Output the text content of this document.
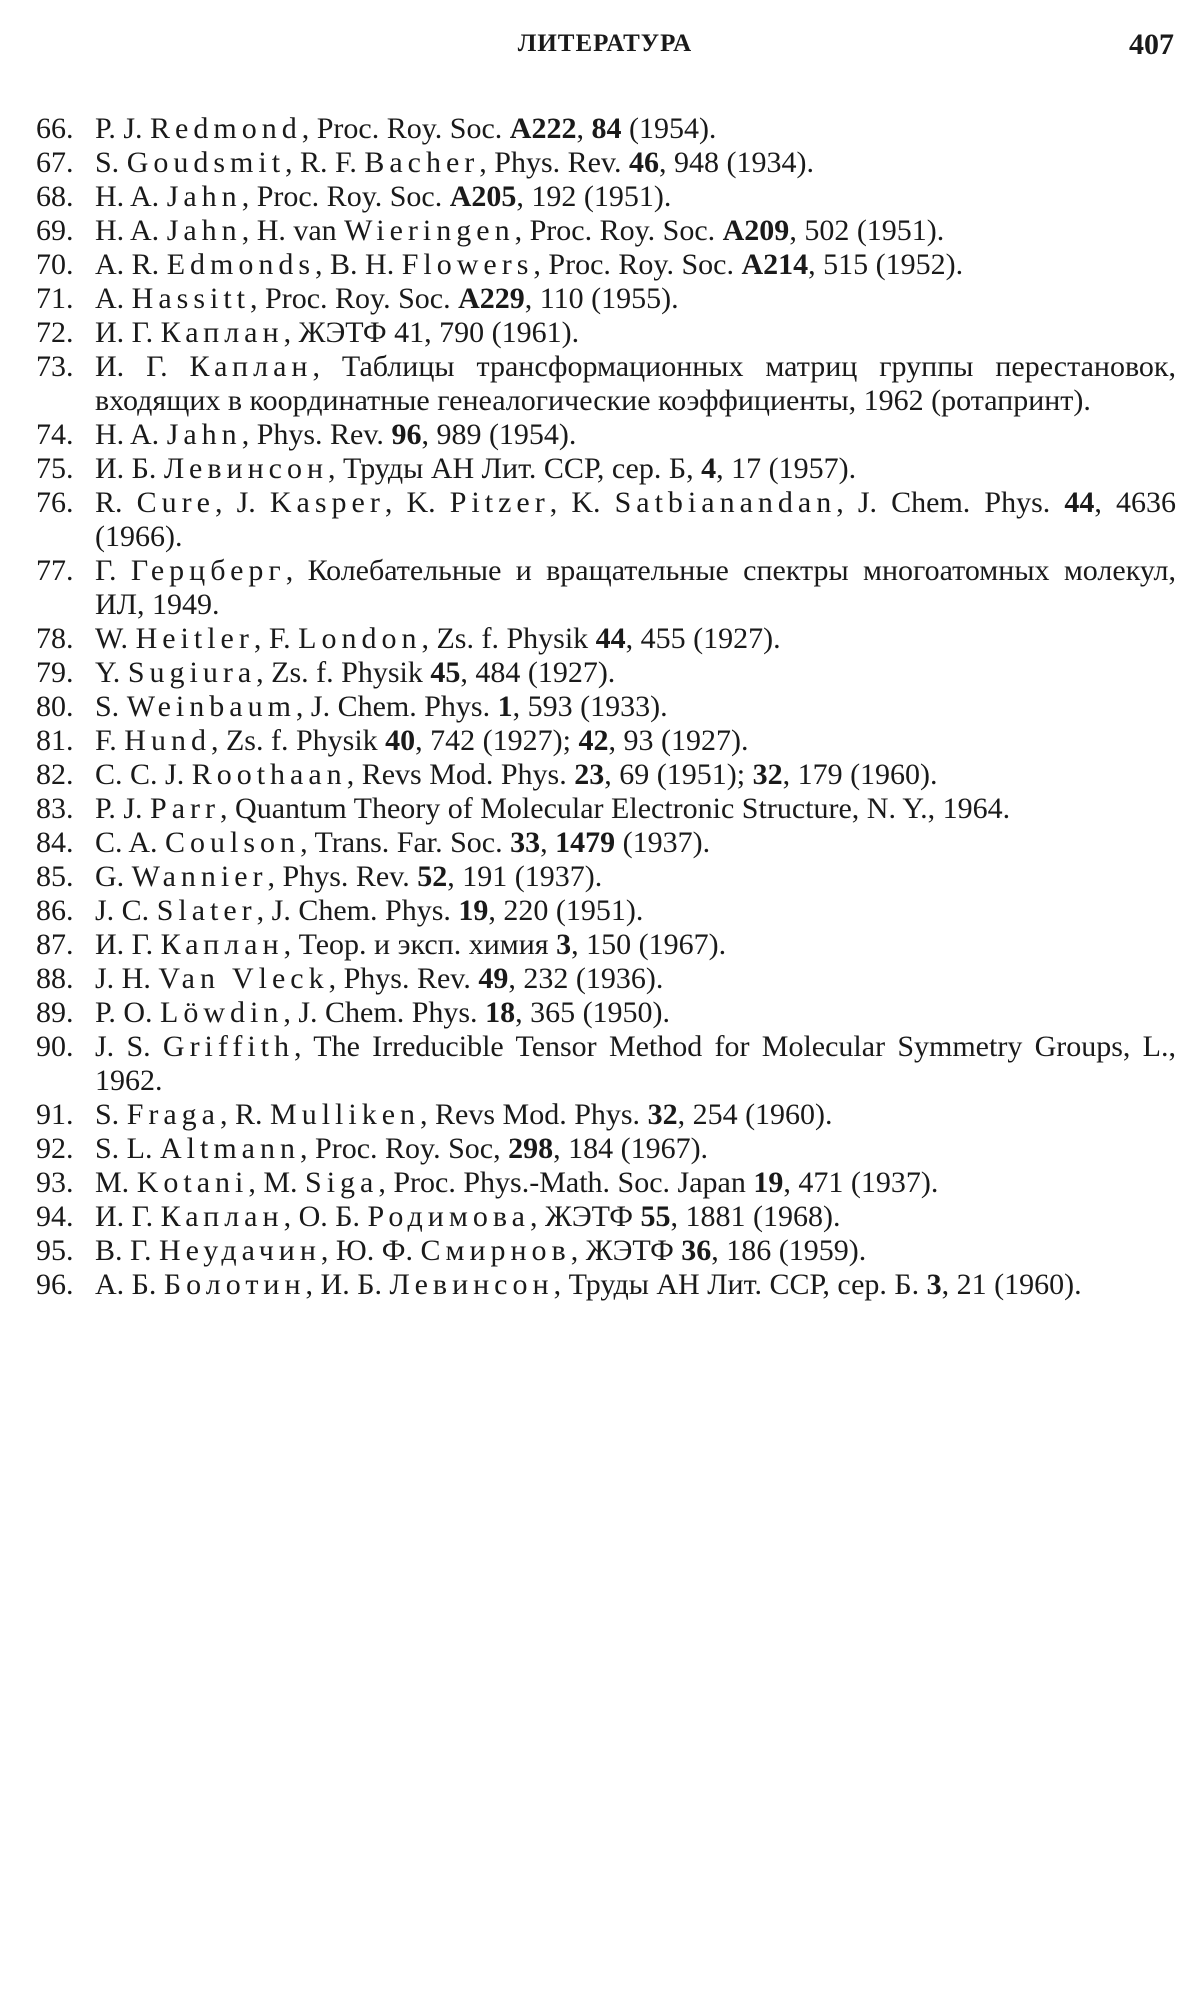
ЛИТЕРАТУРА	407
66. P. J. Redmond, Proc. Roy. Soc. A222, 84 (1954).
67. S. Goudsmit, R. F. Bacher, Phys. Rev. 46, 948 (1934).
68. H. A. Jahn, Proc. Roy. Soc. A205, 192 (1951).
69. H. A. Jahn, H. van Wieringen, Proc. Roy. Soc. A209, 502 (1951).
70. A. R. Edmonds, B. H. Flowers, Proc. Roy. Soc. A214, 515 (1952).
71. A. Hassitt, Proc. Roy. Soc. A229, 110 (1955).
72. И. Г. Каплан, ЖЭТФ 41, 790 (1961).
73. И. Г. Каплан, Таблицы трансформационных матриц группы перестановок, входящих в координатные генеалогические коэффициенты, 1962 (ротапринт).
74. H. A. Jahn, Phys. Rev. 96, 989 (1954).
75. И. Б. Левинсон, Труды АН Лит. ССР, сер. Б, 4, 17 (1957).
76. R. Cure, J. Kasper, K. Pitzer, K. Satbianandan, J. Chem. Phys. 44, 4636 (1966).
77. Г. Герцберг, Колебательные и вращательные спектры многоатомных молекул, ИЛ, 1949.
78. W. Heitler, F. London, Zs. f. Physik 44, 455 (1927).
79. Y. Sugiura, Zs. f. Physik 45, 484 (1927).
80. S. Weinbaum, J. Chem. Phys. 1, 593 (1933).
81. F. Hund, Zs. f. Physik 40, 742 (1927); 42, 93 (1927).
82. C. C. J. Roothaan, Revs Mod. Phys. 23, 69 (1951); 32, 179 (1960).
83. P. J. Parr, Quantum Theory of Molecular Electronic Structure, N. Y., 1964.
84. C. A. Coulson, Trans. Far. Soc. 33, 1479 (1937).
85. G. Wannier, Phys. Rev. 52, 191 (1937).
86. J. C. Slater, J. Chem. Phys. 19, 220 (1951).
87. И. Г. Каплан, Теор. и эксп. химия 3, 150 (1967).
88. J. H. Van Vleck, Phys. Rev. 49, 232 (1936).
89. P. O. Löwdin, J. Chem. Phys. 18, 365 (1950).
90. J. S. Griffith, The Irreducible Tensor Method for Molecular Symmetry Groups, L., 1962.
91. S. Fraga, R. Mulliken, Revs Mod. Phys. 32, 254 (1960).
92. S. L. Altmann, Proc. Roy. Soc, 298, 184 (1967).
93. M. Kotani, M. Siga, Proc. Phys.-Math. Soc. Japan 19, 471 (1937).
94. И. Г. Каплан, О. Б. Родимова, ЖЭТФ 55, 1881 (1968).
95. В. Г. Неудачин, Ю. Ф. Смирнов, ЖЭТФ 36, 186 (1959).
96. А. Б. Болотин, И. Б. Левинсон, Труды АН Лит. ССР, сер. Б. 3, 21 (1960).
